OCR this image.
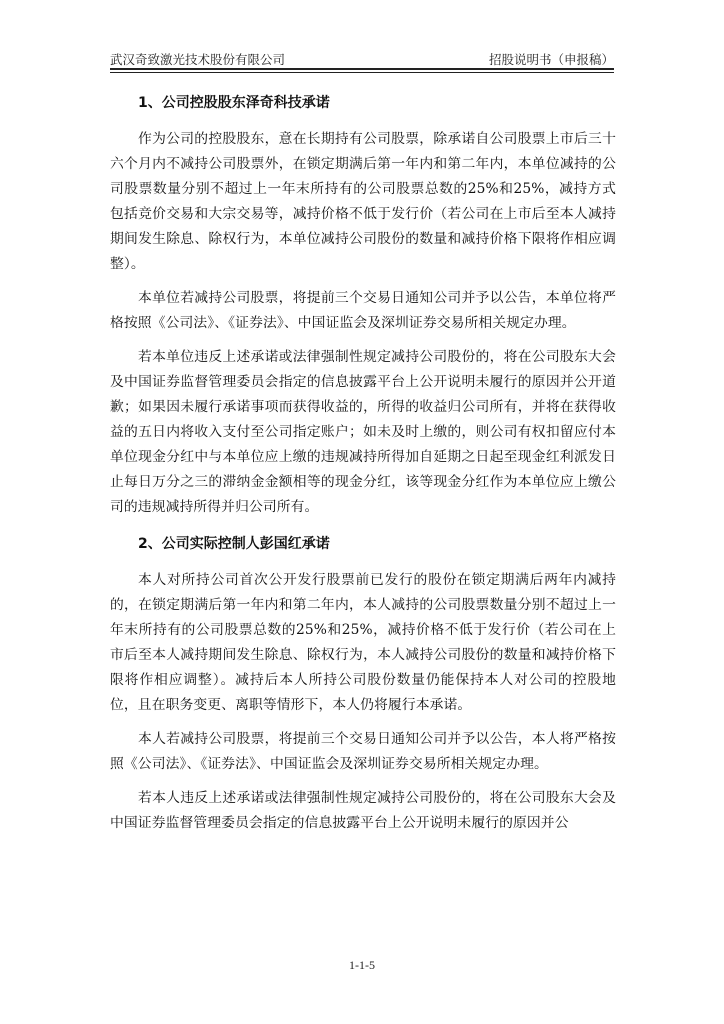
武汉奇致激光技术股份有限公司	招股说明书（申报稿）
1、公司控股股东泽奇科技承诺

作为公司的控股股东，意在长期持有公司股票，除承诺自公司股票上市后三十六个月内不减持公司股票外，在锁定期满后第一年内和第二年内，本单位减持的公司股票数量分别不超过上一年末所持有的公司股票总数的25%和25%，减持方式包括竞价交易和大宗交易等，减持价格不低于发行价（若公司在上市后至本人减持期间发生除息、除权行为，本单位减持公司股份的数量和减持价格下限将作相应调整）。

本单位若减持公司股票，将提前三个交易日通知公司并予以公告，本单位将严格按照《公司法》、《证券法》、中国证监会及深圳证券交易所相关规定办理。

若本单位违反上述承诺或法律强制性规定减持公司股份的，将在公司股东大会及中国证券监督管理委员会指定的信息披露平台上公开说明未履行的原因并公开道歉；如果因未履行承诺事项而获得收益的，所得的收益归公司所有，并将在获得收益的五日内将收入支付至公司指定账户；如未及时上缴的，则公司有权扣留应付本单位现金分红中与本单位应上缴的违规减持所得加自延期之日起至现金红利派发日止每日万分之三的滞纳金金额相等的现金分红，该等现金分红作为本单位应上缴公司的违规减持所得并归公司所有。

2、公司实际控制人彭国红承诺

本人对所持公司首次公开发行股票前已发行的股份在锁定期满后两年内减持的，在锁定期满后第一年内和第二年内，本人减持的公司股票数量分别不超过上一年末所持有的公司股票总数的25%和25%，减持价格不低于发行价（若公司在上市后至本人减持期间发生除息、除权行为，本人减持公司股份的数量和减持价格下限将作相应调整）。减持后本人所持公司股份数量仍能保持本人对公司的控股地位，且在职务变更、离职等情形下，本人仍将履行本承诺。

本人若减持公司股票，将提前三个交易日通知公司并予以公告，本人将严格按照《公司法》、《证券法》、中国证监会及深圳证券交易所相关规定办理。

若本人违反上述承诺或法律强制性规定减持公司股份的，将在公司股东大会及中国证券监督管理委员会指定的信息披露平台上公开说明未履行的原因并公

1-1-5
